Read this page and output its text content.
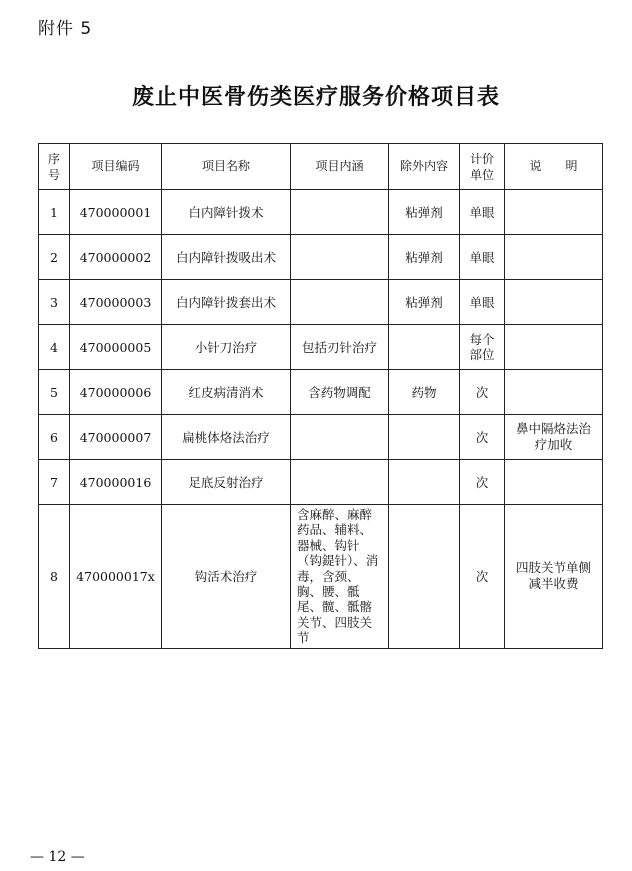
附件 5
废止中医骨伤类医疗服务价格项目表
序号	项目编码	项目名称	项目内涵	除外内容	计价单位	说　　明
1	470000001	白内障针拨术		粘弹剂	单眼	
2	470000002	白内障针拨吸出术		粘弹剂	单眼	
3	470000003	白内障针拨套出术		粘弹剂	单眼	
4	470000005	小针刀治疗	包括刃针治疗		每个部位	
5	470000006	红皮病清消术	含药物调配	药物	次	
6	470000007	扁桃体烙法治疗			次	鼻中隔烙法治疗加收
7	470000016	足底反射治疗			次	
8	470000017x	钩活术治疗	含麻醉、麻醉药品、辅料、器械、钩针（钩鍉针）、消毒，含颈、胸、腰、骶尾、髋、骶髂关节、四肢关节		次	四肢关节单侧减半收费
— 12 —
